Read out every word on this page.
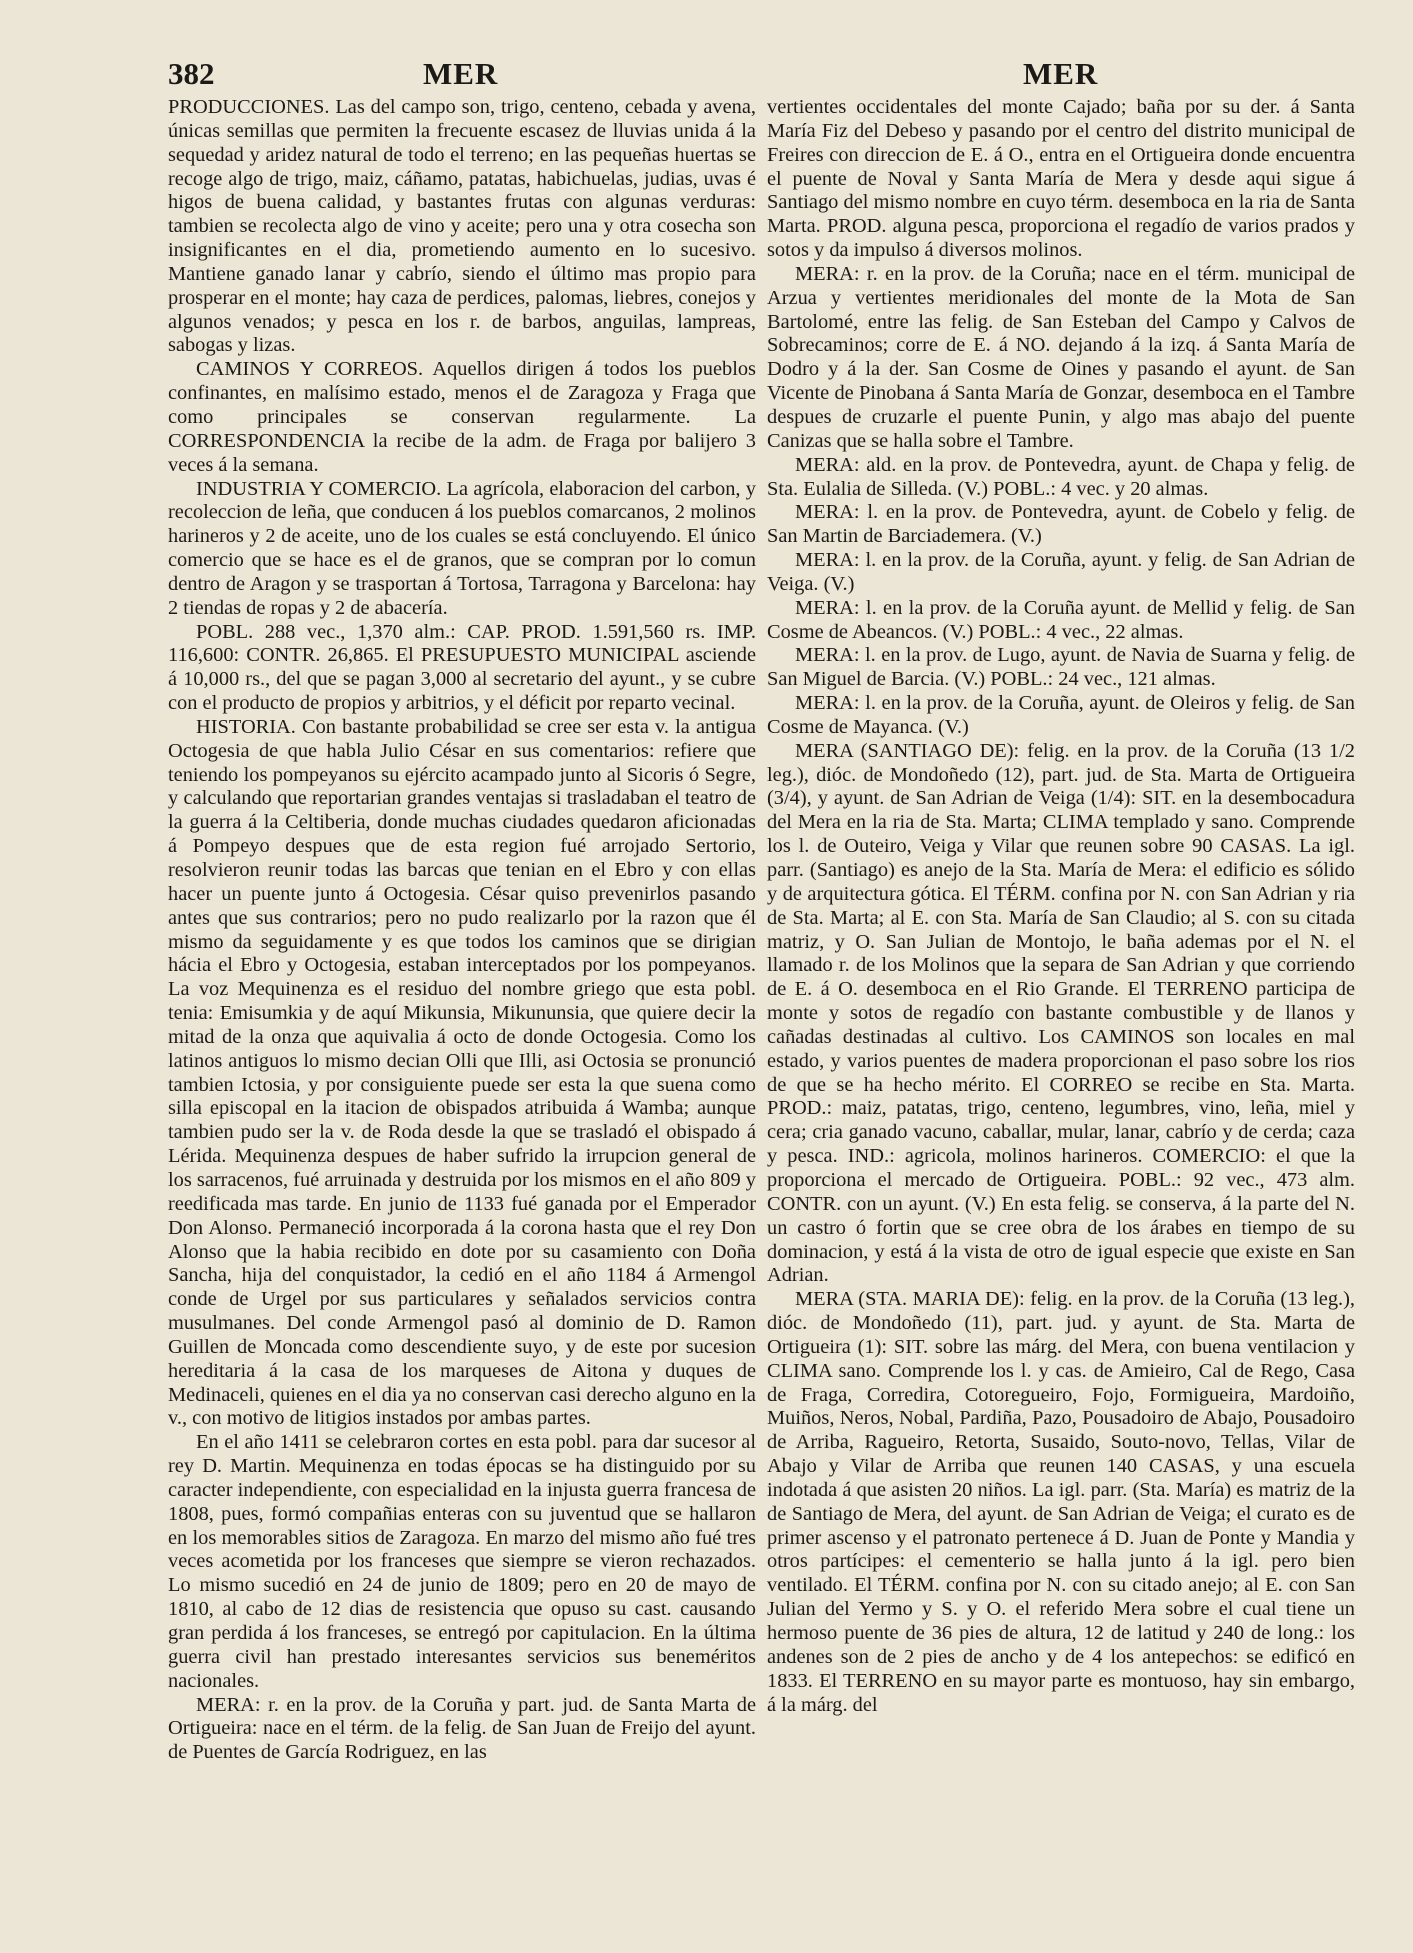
382	MER	MER

PRODUCCIONES. Las del campo son, trigo, centeno, cebada y avena, únicas semillas que permiten la frecuente escasez de lluvias unida á la sequedad y aridez natural de todo el terreno; en las pequeñas huertas se recoge algo de trigo, maiz, cáñamo, patatas, habichuelas, judias, uvas é higos de buena calidad, y bastantes frutas con algunas verduras: tambien se recolecta algo de vino y aceite; pero una y otra cosecha son insignificantes en el dia, prometiendo aumento en lo sucesivo. Mantiene ganado lanar y cabrío, siendo el último mas propio para prosperar en el monte; hay caza de perdices, palomas, liebres, conejos y algunos venados; y pesca en los r. de barbos, anguilas, lampreas, sabogas y lizas.

CAMINOS Y CORREOS. Aquellos dirigen á todos los pueblos confinantes, en malísimo estado, menos el de Zaragoza y Fraga que como principales se conservan regularmente. La CORRESPONDENCIA la recibe de la adm. de Fraga por balijero 3 veces á la semana.

INDUSTRIA Y COMERCIO. La agrícola, elaboracion del carbon, y recoleccion de leña, que conducen á los pueblos comarcanos, 2 molinos harineros y 2 de aceite, uno de los cuales se está concluyendo. El único comercio que se hace es el de granos, que se compran por lo comun dentro de Aragon y se trasportan á Tortosa, Tarragona y Barcelona: hay 2 tiendas de ropas y 2 de abacería.

POBL. 288 vec., 1,370 alm.: CAP. PROD. 1.591,560 rs. IMP. 116,600: CONTR. 26,865. El PRESUPUESTO MUNICIPAL asciende á 10,000 rs., del que se pagan 3,000 al secretario del ayunt., y se cubre con el producto de propios y arbitrios, y el déficit por reparto vecinal.

HISTORIA. Con bastante probabilidad se cree ser esta v. la antigua Octogesia de que habla Julio César en sus comentarios: refiere que teniendo los pompeyanos su ejército acampado junto al Sicoris ó Segre, y calculando que reportarian grandes ventajas si trasladaban el teatro de la guerra á la Celtiberia, donde muchas ciudades quedaron aficionadas á Pompeyo despues que de esta region fué arrojado Sertorio, resolvieron reunir todas las barcas que tenian en el Ebro y con ellas hacer un puente junto á Octogesia. César quiso prevenirlos pasando antes que sus contrarios; pero no pudo realizarlo por la razon que él mismo da seguidamente y es que todos los caminos que se dirigian hácia el Ebro y Octogesia, estaban interceptados por los pompeyanos. La voz Mequinenza es el residuo del nombre griego que esta pobl. tenia: Emisumkia y de aquí Mikunsia, Mikununsia, que quiere decir la mitad de la onza que aquivalia á octo de donde Octogesia. Como los latinos antiguos lo mismo decian Olli que Illi, asi Octosia se pronunció tambien Ictosia, y por consiguiente puede ser esta la que suena como silla episcopal en la itacion de obispados atribuida á Wamba; aunque tambien pudo ser la v. de Roda desde la que se trasladó el obispado á Lérida. Mequinenza despues de haber sufrido la irrupcion general de los sarracenos, fué arruinada y destruida por los mismos en el año 809 y reedificada mas tarde. En junio de 1133 fué ganada por el Emperador Don Alonso. Permaneció incorporada á la corona hasta que el rey Don Alonso que la habia recibido en dote por su casamiento con Doña Sancha, hija del conquistador, la cedió en el año 1184 á Armengol conde de Urgel por sus particulares y señalados servicios contra musulmanes. Del conde Armengol pasó al dominio de D. Ramon Guillen de Moncada como descendiente suyo, y de este por sucesion hereditaria á la casa de los marqueses de Aitona y duques de Medinaceli, quienes en el dia ya no conservan casi derecho alguno en la v., con motivo de litigios instados por ambas partes.

En el año 1411 se celebraron cortes en esta pobl. para dar sucesor al rey D. Martin. Mequinenza en todas épocas se ha distinguido por su caracter independiente, con especialidad en la injusta guerra francesa de 1808, pues, formó compañias enteras con su juventud que se hallaron en los memorables sitios de Zaragoza. En marzo del mismo año fué tres veces acometida por los franceses que siempre se vieron rechazados. Lo mismo sucedió en 24 de junio de 1809; pero en 20 de mayo de 1810, al cabo de 12 dias de resistencia que opuso su cast. causando gran perdida á los franceses, se entregó por capitulacion. En la última guerra civil han prestado interesantes servicios sus beneméritos nacionales.

MERA: r. en la prov. de la Coruña y part. jud. de Santa Marta de Ortigueira: nace en el térm. de la felig. de San Juan de Freijo del ayunt. de Puentes de García Rodriguez, en las

vertientes occidentales del monte Cajado; baña por su der. á Santa María Fiz del Debeso y pasando por el centro del distrito municipal de Freires con direccion de E. á O., entra en el Ortigueira donde encuentra el puente de Noval y Santa María de Mera y desde aqui sigue á Santiago del mismo nombre en cuyo térm. desemboca en la ria de Santa Marta. PROD. alguna pesca, proporciona el regadío de varios prados y sotos y da impulso á diversos molinos.

MERA: r. en la prov. de la Coruña; nace en el térm. municipal de Arzua y vertientes meridionales del monte de la Mota de San Bartolomé, entre las felig. de San Esteban del Campo y Calvos de Sobrecaminos; corre de E. á NO. dejando á la izq. á Santa María de Dodro y á la der. San Cosme de Oines y pasando el ayunt. de San Vicente de Pinobana á Santa María de Gonzar, desemboca en el Tambre despues de cruzarle el puente Punin, y algo mas abajo del puente Canizas que se halla sobre el Tambre.

MERA: ald. en la prov. de Pontevedra, ayunt. de Chapa y felig. de Sta. Eulalia de Silleda. (V.) POBL.: 4 vec. y 20 almas.

MERA: l. en la prov. de Pontevedra, ayunt. de Cobelo y felig. de San Martin de Barciademera. (V.)

MERA: l. en la prov. de la Coruña, ayunt. y felig. de San Adrian de Veiga. (V.)

MERA: l. en la prov. de la Coruña ayunt. de Mellid y felig. de San Cosme de Abeancos. (V.) POBL.: 4 vec., 22 almas.

MERA: l. en la prov. de Lugo, ayunt. de Navia de Suarna y felig. de San Miguel de Barcia. (V.) POBL.: 24 vec., 121 almas.

MERA: l. en la prov. de la Coruña, ayunt. de Oleiros y felig. de San Cosme de Mayanca. (V.)

MERA (SANTIAGO DE): felig. en la prov. de la Coruña (13 1/2 leg.), dióc. de Mondoñedo (12), part. jud. de Sta. Marta de Ortigueira (3/4), y ayunt. de San Adrian de Veiga (1/4): SIT. en la desembocadura del Mera en la ria de Sta. Marta; CLIMA templado y sano. Comprende los l. de Outeiro, Veiga y Vilar que reunen sobre 90 CASAS. La igl. parr. (Santiago) es anejo de la Sta. María de Mera: el edificio es sólido y de arquitectura gótica. El TÉRM. confina por N. con San Adrian y ria de Sta. Marta; al E. con Sta. María de San Claudio; al S. con su citada matriz, y O. San Julian de Montojo, le baña ademas por el N. el llamado r. de los Molinos que la separa de San Adrian y que corriendo de E. á O. desemboca en el Rio Grande. El TERRENO participa de monte y sotos de regadío con bastante combustible y de llanos y cañadas destinadas al cultivo. Los CAMINOS son locales en mal estado, y varios puentes de madera proporcionan el paso sobre los rios de que se ha hecho mérito. El CORREO se recibe en Sta. Marta. PROD.: maiz, patatas, trigo, centeno, legumbres, vino, leña, miel y cera; cria ganado vacuno, caballar, mular, lanar, cabrío y de cerda; caza y pesca. IND.: agricola, molinos harineros. COMERCIO: el que la proporciona el mercado de Ortigueira. POBL.: 92 vec., 473 alm. CONTR. con un ayunt. (V.) En esta felig. se conserva, á la parte del N. un castro ó fortin que se cree obra de los árabes en tiempo de su dominacion, y está á la vista de otro de igual especie que existe en San Adrian.

MERA (STA. MARIA DE): felig. en la prov. de la Coruña (13 leg.), dióc. de Mondoñedo (11), part. jud. y ayunt. de Sta. Marta de Ortigueira (1): SIT. sobre las márg. del Mera, con buena ventilacion y CLIMA sano. Comprende los l. y cas. de Amieiro, Cal de Rego, Casa de Fraga, Corredira, Cotoregueiro, Fojo, Formigueira, Mardoiño, Muiños, Neros, Nobal, Pardiña, Pazo, Pousadoiro de Abajo, Pousadoiro de Arriba, Ragueiro, Retorta, Susaido, Souto-novo, Tellas, Vilar de Abajo y Vilar de Arriba que reunen 140 CASAS, y una escuela indotada á que asisten 20 niños. La igl. parr. (Sta. María) es matriz de la de Santiago de Mera, del ayunt. de San Adrian de Veiga; el curato es de primer ascenso y el patronato pertenece á D. Juan de Ponte y Mandia y otros partícipes: el cementerio se halla junto á la igl. pero bien ventilado. El TÉRM. confina por N. con su citado anejo; al E. con San Julian del Yermo y S. y O. el referido Mera sobre el cual tiene un hermoso puente de 36 pies de altura, 12 de latitud y 240 de long.: los andenes son de 2 pies de ancho y de 4 los antepechos: se edificó en 1833. El TERRENO en su mayor parte es montuoso, hay sin embargo, á la márg. del
